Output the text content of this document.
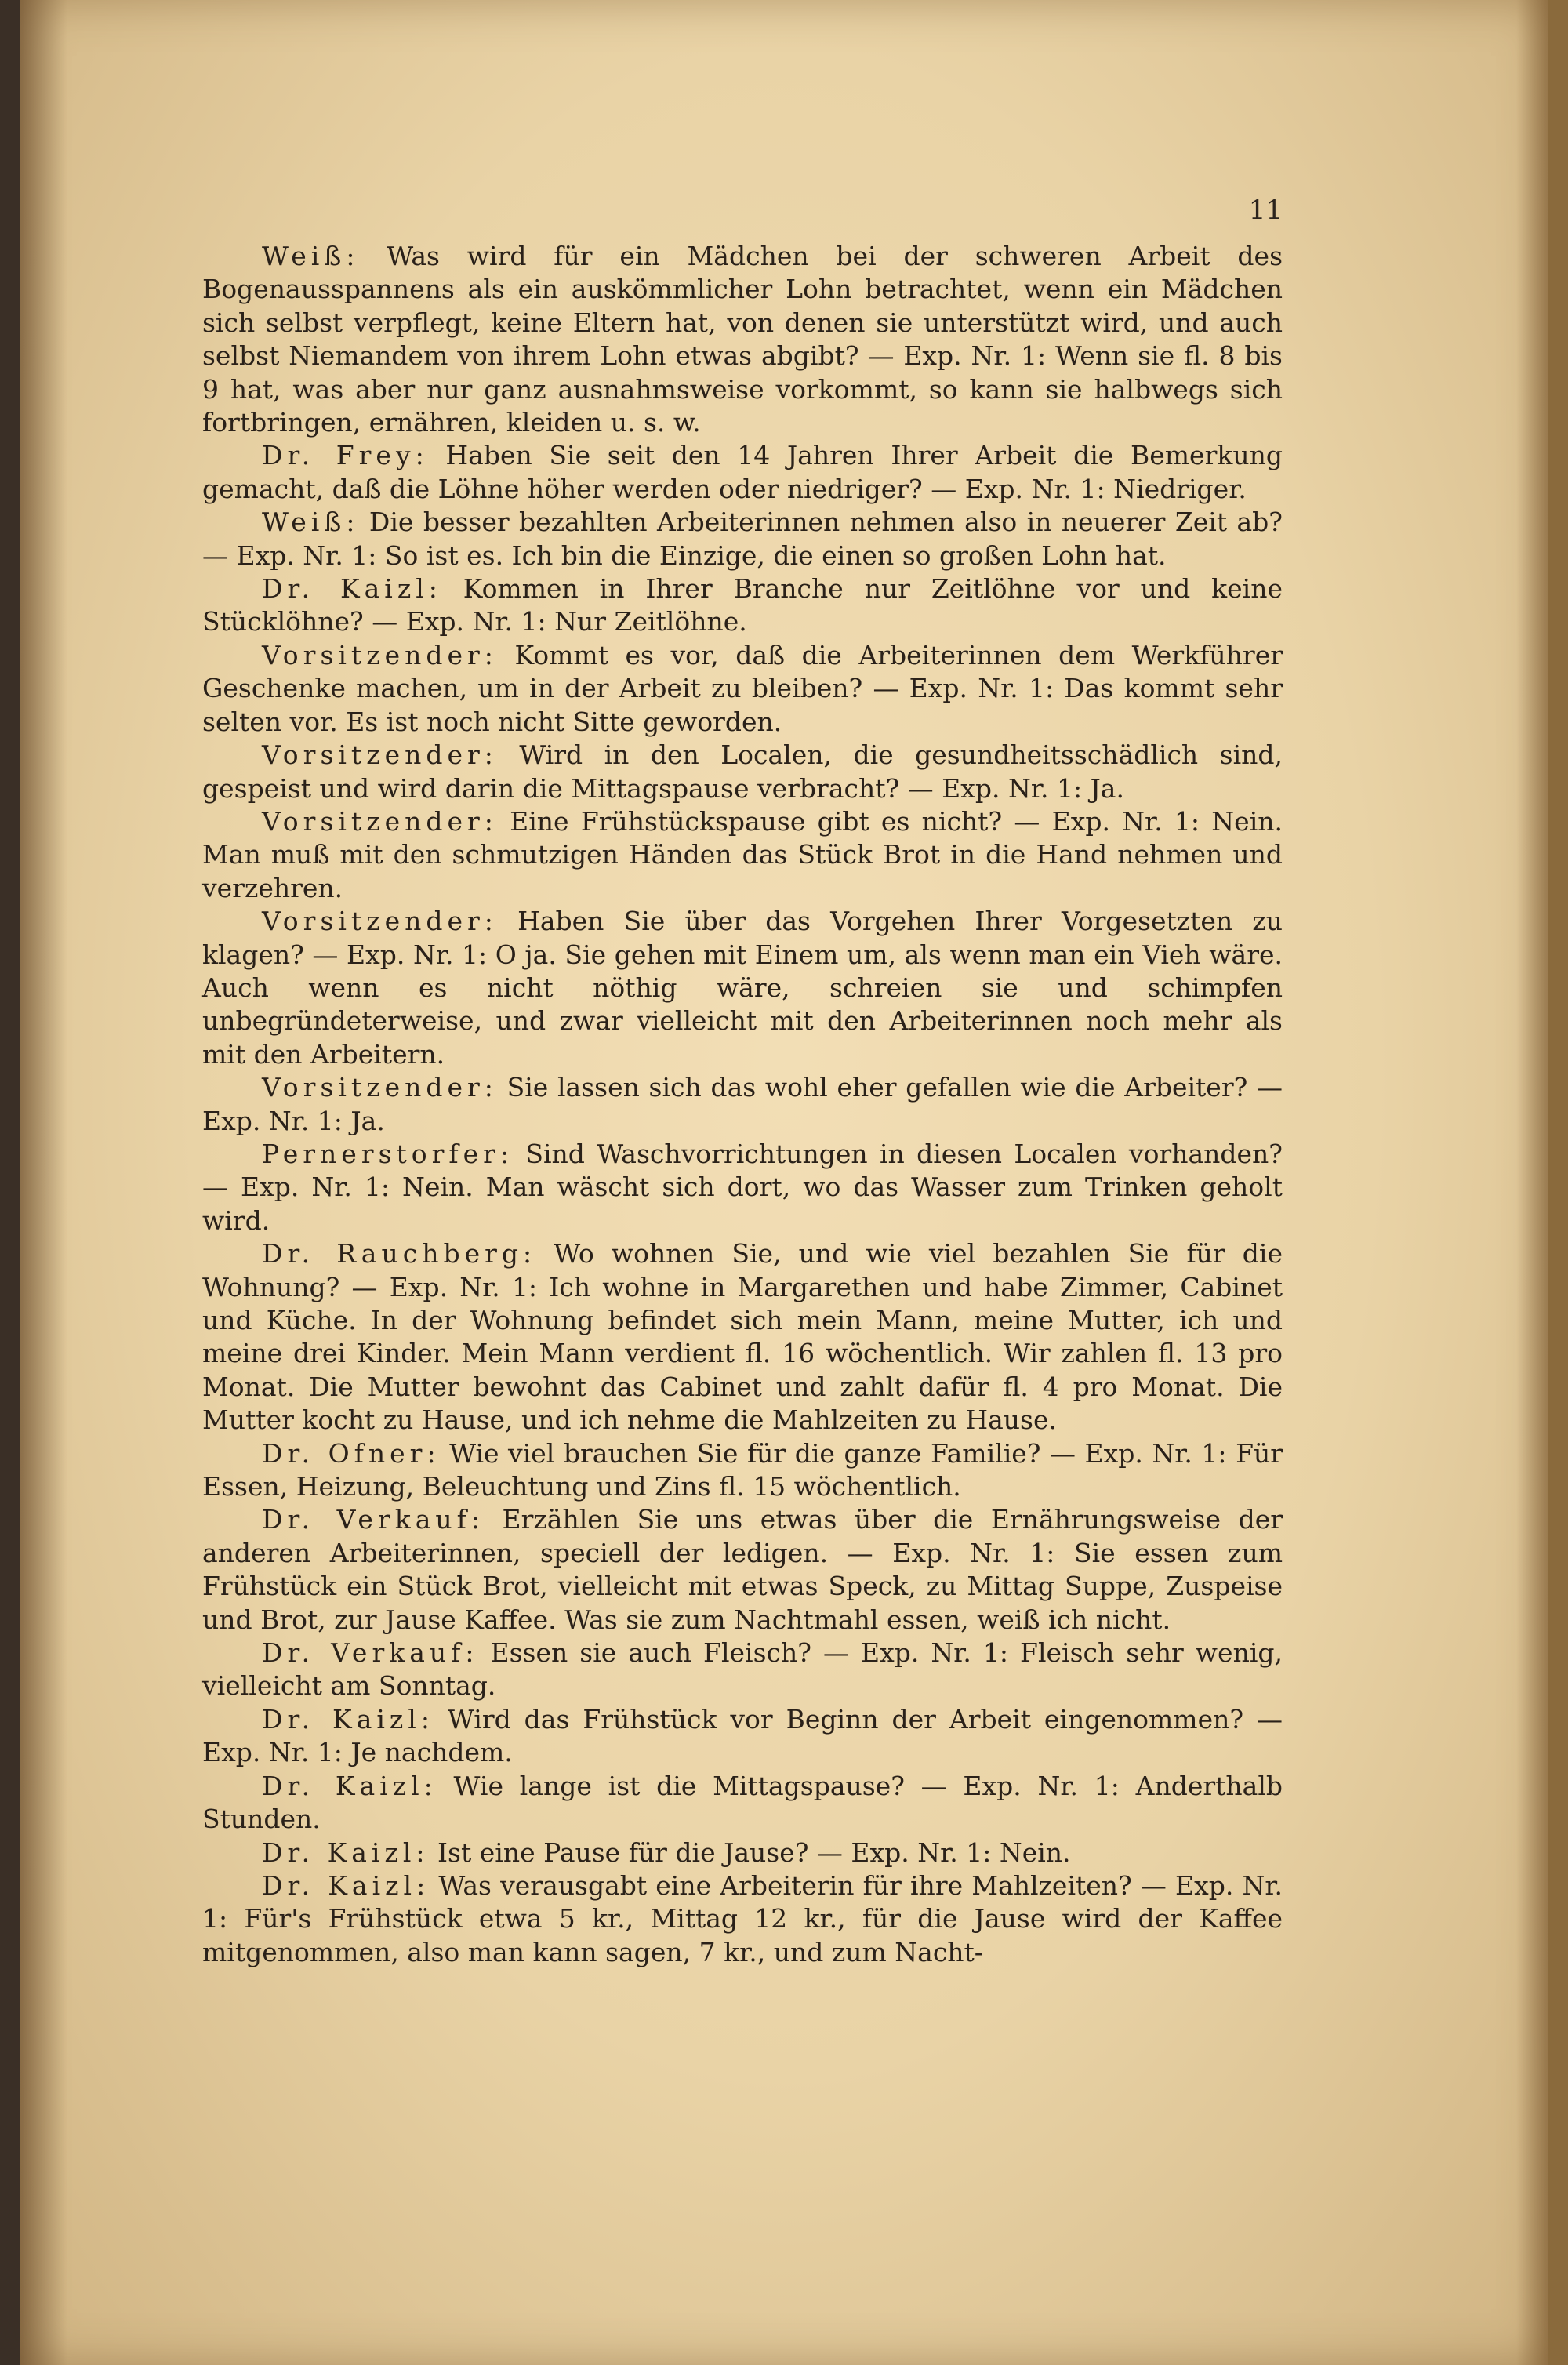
11

Weiß: Was wird für ein Mädchen bei der schweren Arbeit des Bogenausspannens als ein auskömmlicher Lohn betrachtet, wenn ein Mädchen sich selbst verpflegt, keine Eltern hat, von denen sie unterstützt wird, und auch selbst Niemandem von ihrem Lohn etwas abgibt? — Exp. Nr. 1: Wenn sie fl. 8 bis 9 hat, was aber nur ganz ausnahmsweise vorkommt, so kann sie halbwegs sich fortbringen, ernähren, kleiden u. s. w.

Dr. Frey: Haben Sie seit den 14 Jahren Ihrer Arbeit die Bemerkung gemacht, daß die Löhne höher werden oder niedriger? — Exp. Nr. 1: Niedriger.

Weiß: Die besser bezahlten Arbeiterinnen nehmen also in neuerer Zeit ab? — Exp. Nr. 1: So ist es. Ich bin die Einzige, die einen so großen Lohn hat.

Dr. Kaizl: Kommen in Ihrer Branche nur Zeitlöhne vor und keine Stücklöhne? — Exp. Nr. 1: Nur Zeitlöhne.

Vorsitzender: Kommt es vor, daß die Arbeiterinnen dem Werkführer Geschenke machen, um in der Arbeit zu bleiben? — Exp. Nr. 1: Das kommt sehr selten vor. Es ist noch nicht Sitte geworden.

Vorsitzender: Wird in den Localen, die gesundheitsschädlich sind, gespeist und wird darin die Mittagspause verbracht? — Exp. Nr. 1: Ja.

Vorsitzender: Eine Frühstückspause gibt es nicht? — Exp. Nr. 1: Nein. Man muß mit den schmutzigen Händen das Stück Brot in die Hand nehmen und verzehren.

Vorsitzender: Haben Sie über das Vorgehen Ihrer Vorgesetzten zu klagen? — Exp. Nr. 1: O ja. Sie gehen mit Einem um, als wenn man ein Vieh wäre. Auch wenn es nicht nöthig wäre, schreien sie und schimpfen unbegründeterweise, und zwar vielleicht mit den Arbeiterinnen noch mehr als mit den Arbeitern.

Vorsitzender: Sie lassen sich das wohl eher gefallen wie die Arbeiter? — Exp. Nr. 1: Ja.

Pernerstorfer: Sind Waschvorrichtungen in diesen Localen vorhanden? — Exp. Nr. 1: Nein. Man wäscht sich dort, wo das Wasser zum Trinken geholt wird.

Dr. Rauchberg: Wo wohnen Sie, und wie viel bezahlen Sie für die Wohnung? — Exp. Nr. 1: Ich wohne in Margarethen und habe Zimmer, Cabinet und Küche. In der Wohnung befindet sich mein Mann, meine Mutter, ich und meine drei Kinder. Mein Mann verdient fl. 16 wöchentlich. Wir zahlen fl. 13 pro Monat. Die Mutter bewohnt das Cabinet und zahlt dafür fl. 4 pro Monat. Die Mutter kocht zu Hause, und ich nehme die Mahlzeiten zu Hause.

Dr. Ofner: Wie viel brauchen Sie für die ganze Familie? — Exp. Nr. 1: Für Essen, Heizung, Beleuchtung und Zins fl. 15 wöchentlich.

Dr. Verkauf: Erzählen Sie uns etwas über die Ernährungsweise der anderen Arbeiterinnen, speciell der ledigen. — Exp. Nr. 1: Sie essen zum Frühstück ein Stück Brot, vielleicht mit etwas Speck, zu Mittag Suppe, Zuspeise und Brot, zur Jause Kaffee. Was sie zum Nachtmahl essen, weiß ich nicht.

Dr. Verkauf: Essen sie auch Fleisch? — Exp. Nr. 1: Fleisch sehr wenig, vielleicht am Sonntag.

Dr. Kaizl: Wird das Frühstück vor Beginn der Arbeit eingenommen? — Exp. Nr. 1: Je nachdem.

Dr. Kaizl: Wie lange ist die Mittagspause? — Exp. Nr. 1: Anderthalb Stunden.

Dr. Kaizl: Ist eine Pause für die Jause? — Exp. Nr. 1: Nein.

Dr. Kaizl: Was verausgabt eine Arbeiterin für ihre Mahlzeiten? — Exp. Nr. 1: Für's Frühstück etwa 5 kr., Mittag 12 kr., für die Jause wird der Kaffee mitgenommen, also man kann sagen, 7 kr., und zum Nacht-
